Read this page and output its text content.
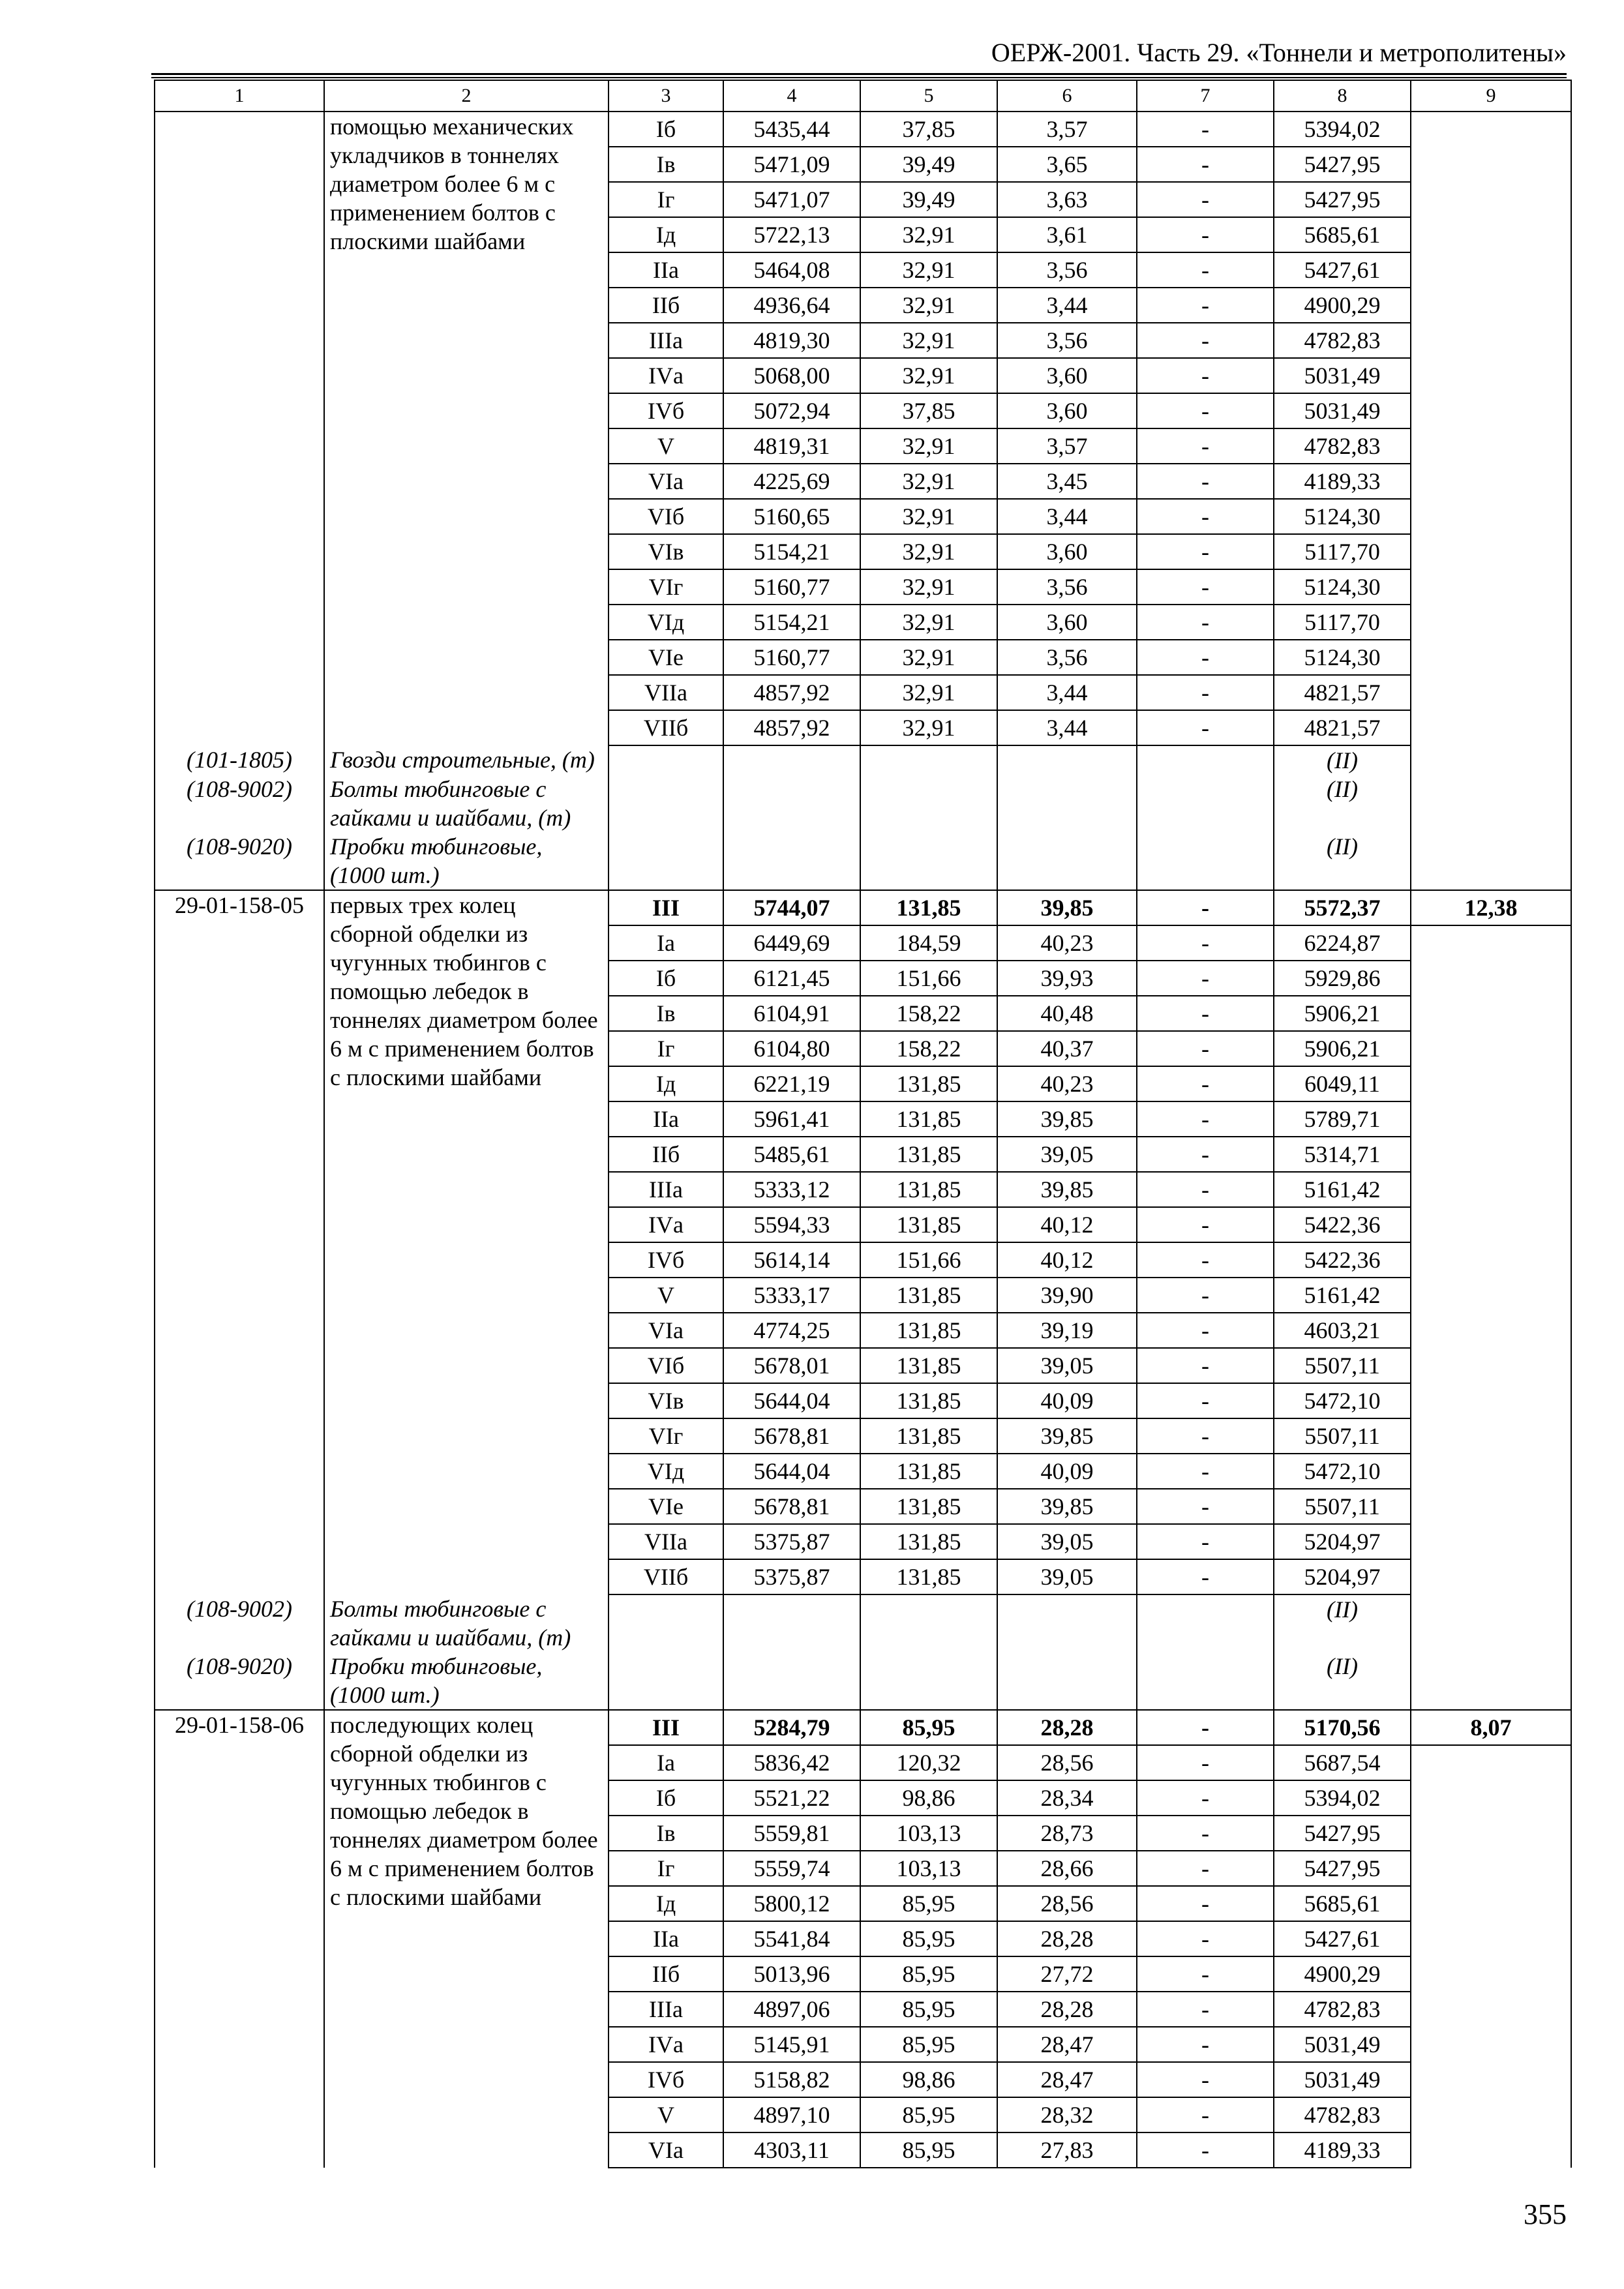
ОЕРЖ-2001. Часть 29. «Тоннели и метрополитены»
1	2	3	4	5	6	7	8	9
	помощью механических укладчиков в тоннелях диаметром более 6 м с применением болтов с плоскими шайбами	Iб	5435,44	37,85	3,57	-	5394,02	
		Iв	5471,09	39,49	3,65	-	5427,95	
		Iг	5471,07	39,49	3,63	-	5427,95	
		Iд	5722,13	32,91	3,61	-	5685,61	
		IIа	5464,08	32,91	3,56	-	5427,61	
		IIб	4936,64	32,91	3,44	-	4900,29	
		IIIа	4819,30	32,91	3,56	-	4782,83	
		IVа	5068,00	32,91	3,60	-	5031,49	
		IVб	5072,94	37,85	3,60	-	5031,49	
		V	4819,31	32,91	3,57	-	4782,83	
		VIа	4225,69	32,91	3,45	-	4189,33	
		VIб	5160,65	32,91	3,44	-	5124,30	
		VIв	5154,21	32,91	3,60	-	5117,70	
		VIг	5160,77	32,91	3,56	-	5124,30	
		VIд	5154,21	32,91	3,60	-	5117,70	
		VIе	5160,77	32,91	3,56	-	5124,30	
		VIIа	4857,92	32,91	3,44	-	4821,57	
		VIIб	4857,92	32,91	3,44	-	4821,57	
(101-1805)	Гвозди строительные, (т)						(II)	
(108-9002)	Болты тюбинговые с гайками и шайбами, (т)						(II)	
(108-9020)	Пробки тюбинговые, (1000 шт.)						(II)	
29-01-158-05	первых трех колец сборной обделки из чугунных тюбингов с помощью лебедок в тоннелях диаметром более 6 м с применением болтов с плоскими шайбами	III	5744,07	131,85	39,85	-	5572,37	12,38
		Iа	6449,69	184,59	40,23	-	6224,87	
		Iб	6121,45	151,66	39,93	-	5929,86	
		Iв	6104,91	158,22	40,48	-	5906,21	
		Iг	6104,80	158,22	40,37	-	5906,21	
		Iд	6221,19	131,85	40,23	-	6049,11	
		IIа	5961,41	131,85	39,85	-	5789,71	
		IIб	5485,61	131,85	39,05	-	5314,71	
		IIIа	5333,12	131,85	39,85	-	5161,42	
		IVа	5594,33	131,85	40,12	-	5422,36	
		IVб	5614,14	151,66	40,12	-	5422,36	
		V	5333,17	131,85	39,90	-	5161,42	
		VIа	4774,25	131,85	39,19	-	4603,21	
		VIб	5678,01	131,85	39,05	-	5507,11	
		VIв	5644,04	131,85	40,09	-	5472,10	
		VIг	5678,81	131,85	39,85	-	5507,11	
		VIд	5644,04	131,85	40,09	-	5472,10	
		VIе	5678,81	131,85	39,85	-	5507,11	
		VIIа	5375,87	131,85	39,05	-	5204,97	
		VIIб	5375,87	131,85	39,05	-	5204,97	
(108-9002)	Болты тюбинговые с гайками и шайбами, (т)						(II)	
(108-9020)	Пробки тюбинговые, (1000 шт.)						(II)	
29-01-158-06	последующих колец сборной обделки из чугунных тюбингов с помощью лебедок в тоннелях диаметром более 6 м с применением болтов с плоскими шайбами	III	5284,79	85,95	28,28	-	5170,56	8,07
		Iа	5836,42	120,32	28,56	-	5687,54	
		Iб	5521,22	98,86	28,34	-	5394,02	
		Iв	5559,81	103,13	28,73	-	5427,95	
		Iг	5559,74	103,13	28,66	-	5427,95	
		Iд	5800,12	85,95	28,56	-	5685,61	
		IIа	5541,84	85,95	28,28	-	5427,61	
		IIб	5013,96	85,95	27,72	-	4900,29	
		IIIа	4897,06	85,95	28,28	-	4782,83	
		IVа	5145,91	85,95	28,47	-	5031,49	
		IVб	5158,82	98,86	28,47	-	5031,49	
		V	4897,10	85,95	28,32	-	4782,83	
		VIа	4303,11	85,95	27,83	-	4189,33	
355
